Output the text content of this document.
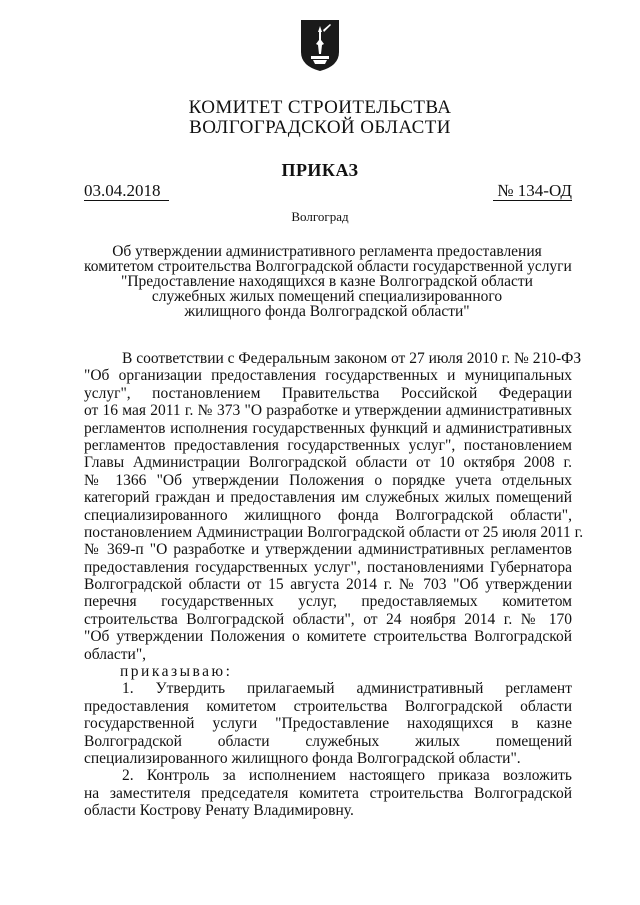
КОМИТЕТ СТРОИТЕЛЬСТВА
ВОЛГОГРАДСКОЙ ОБЛАСТИ
ПРИКАЗ
03.04.2018	№ 134-ОД
Волгоград
Об утверждении административного регламента предоставления
комитетом строительства Волгоградской области государственной услуги
"Предоставление находящихся в казне Волгоградской области
служебных жилых помещений специализированного
жилищного фонда Волгоградской области"
В соответствии с Федеральным законом от 27 июля 2010 г. № 210-ФЗ
"Об организации предоставления государственных и муниципальных
услуг", постановлением Правительства Российской Федерации
от 16 мая 2011 г. № 373 "О разработке и утверждении административных
регламентов исполнения государственных функций и административных
регламентов предоставления государственных услуг", постановлением
Главы Администрации Волгоградской области от 10 октября 2008 г.
№ 1366 "Об утверждении Положения о порядке учета отдельных
категорий граждан и предоставления им служебных жилых помещений
специализированного жилищного фонда Волгоградской области",
постановлением Администрации Волгоградской области от 25 июля 2011 г.
№ 369-п "О разработке и утверждении административных регламентов
предоставления государственных услуг", постановлениями Губернатора
Волгоградской области от 15 августа 2014 г. № 703 "Об утверждении
перечня государственных услуг, предоставляемых комитетом
строительства Волгоградской области", от 24 ноября 2014 г. № 170
"Об утверждении Положения о комитете строительства Волгоградской
области",
приказываю:
1. Утвердить прилагаемый административный регламент
предоставления комитетом строительства Волгоградской области
государственной услуги "Предоставление находящихся в казне
Волгоградской области служебных жилых помещений
специализированного жилищного фонда Волгоградской области".
2. Контроль за исполнением настоящего приказа возложить
на заместителя председателя комитета строительства Волгоградской
области Кострову Ренату Владимировну.
